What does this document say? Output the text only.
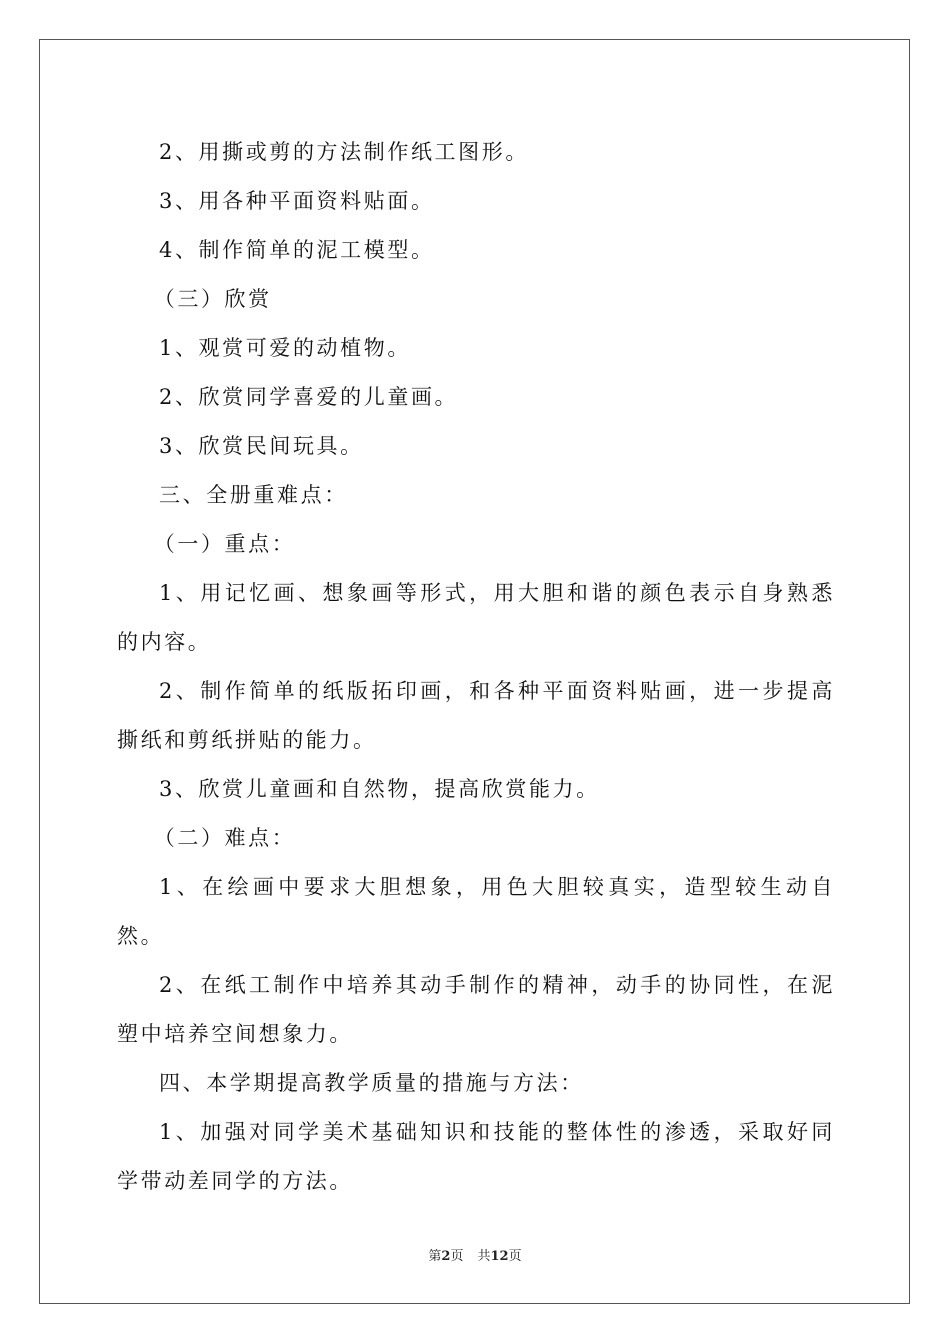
2、用撕或剪的方法制作纸工图形。

3、用各种平面资料贴面。

4、制作简单的泥工模型。

（三）欣赏

1、观赏可爱的动植物。

2、欣赏同学喜爱的儿童画。

3、欣赏民间玩具。

三、全册重难点：

（一）重点：

1、用记忆画、想象画等形式，用大胆和谐的颜色表示自身熟悉的内容。

2、制作简单的纸版拓印画，和各种平面资料贴画，进一步提高撕纸和剪纸拼贴的能力。

3、欣赏儿童画和自然物，提高欣赏能力。

（二）难点：

1、在绘画中要求大胆想象，用色大胆较真实，造型较生动自然。

2、在纸工制作中培养其动手制作的精神，动手的协同性，在泥塑中培养空间想象力。

四、本学期提高教学质量的措施与方法：

1、加强对同学美术基础知识和技能的整体性的渗透，采取好同学带动差同学的方法。

第2页 共12页
